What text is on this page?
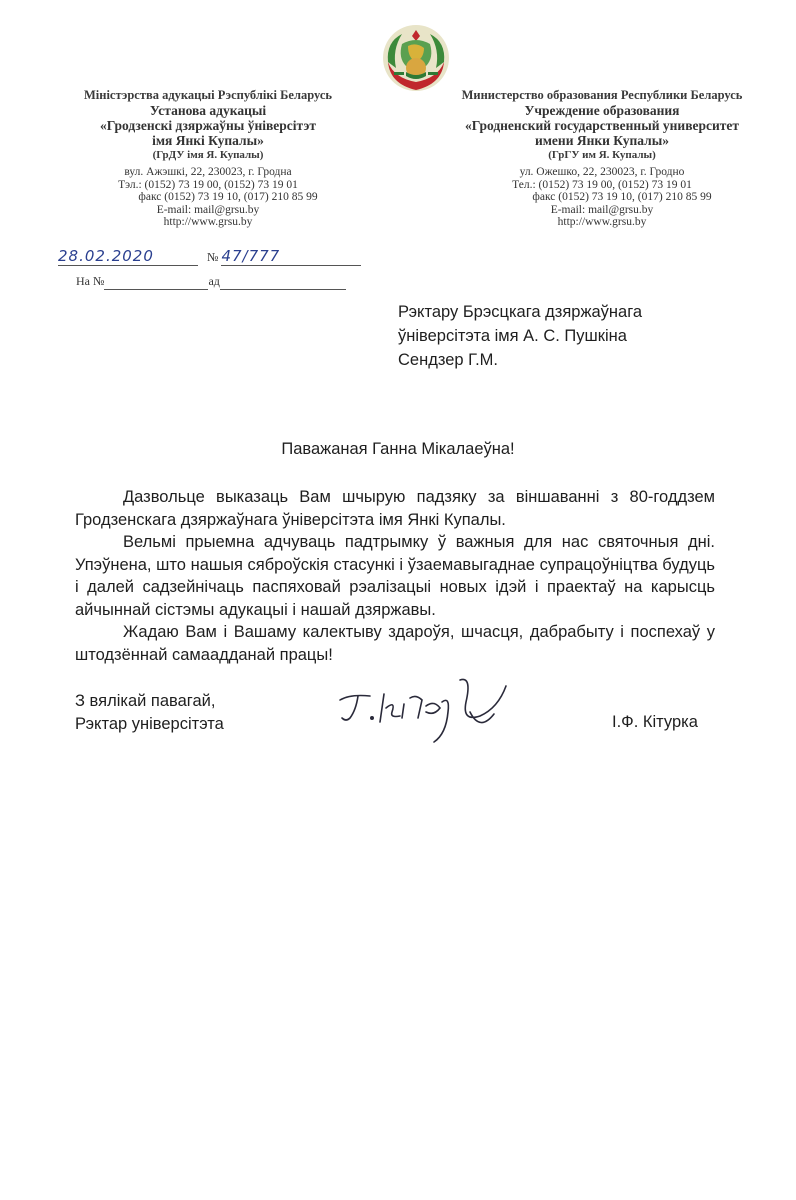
Міністэрства адукацыі Рэспублікі Беларусь
Установа адукацыі
«Гродзенскі дзяржаўны ўніверсітэт
імя Янкі Купалы»
(ГрДУ імя Я. Купалы)
вул. Ажэшкі, 22, 230023, г. Гродна
Тэл.: (0152) 73 19 00, (0152) 73 19 01
факс (0152) 73 19 10, (017) 210 85 99
E-mail: mail@grsu.by
http://www.grsu.by
Министерство образования Республики Беларусь
Учреждение образования
«Гродненский государственный университет
имени Янки Купалы»
(ГрГУ им Я. Купалы)
ул. Ожешко, 22, 230023, г. Гродно
Тел.: (0152) 73 19 00, (0152) 73 19 01
факс (0152) 73 19 10, (017) 210 85 99
E-mail: mail@grsu.by
http://www.grsu.by
28.02.2020	№ 47/777
На №	ад
Рэктару Брэсцкага дзяржаўнага
ўніверсітэта імя А. С. Пушкіна
Сендзер Г.М.
Паважаная Ганна Мікалаеўна!

Дазвольце выказаць Вам шчырую падзяку за віншаванні з 80-годдзем Гродзенскага дзяржаўнага ўніверсітэта імя Янкі Купалы.

Вельмі прыемна адчуваць падтрымку ў важныя для нас святочныя дні. Упэўнена, што нашыя сяброўскія стасункі і ўзаемавыгаднае супрацоўніцтва будуць і далей садзейнічаць паспяховай рэалізацыі новых ідэй і праектаў на карысць айчыннай сістэмы адукацыі і нашай дзяржавы.

Жадаю Вам і Вашаму калектыву здароўя, шчасця, дабрабыту і поспехаў у штодзённай самаадданай працы!

З вялікай павагай,
Рэктар універсітэта	І.Ф. Кітурка
